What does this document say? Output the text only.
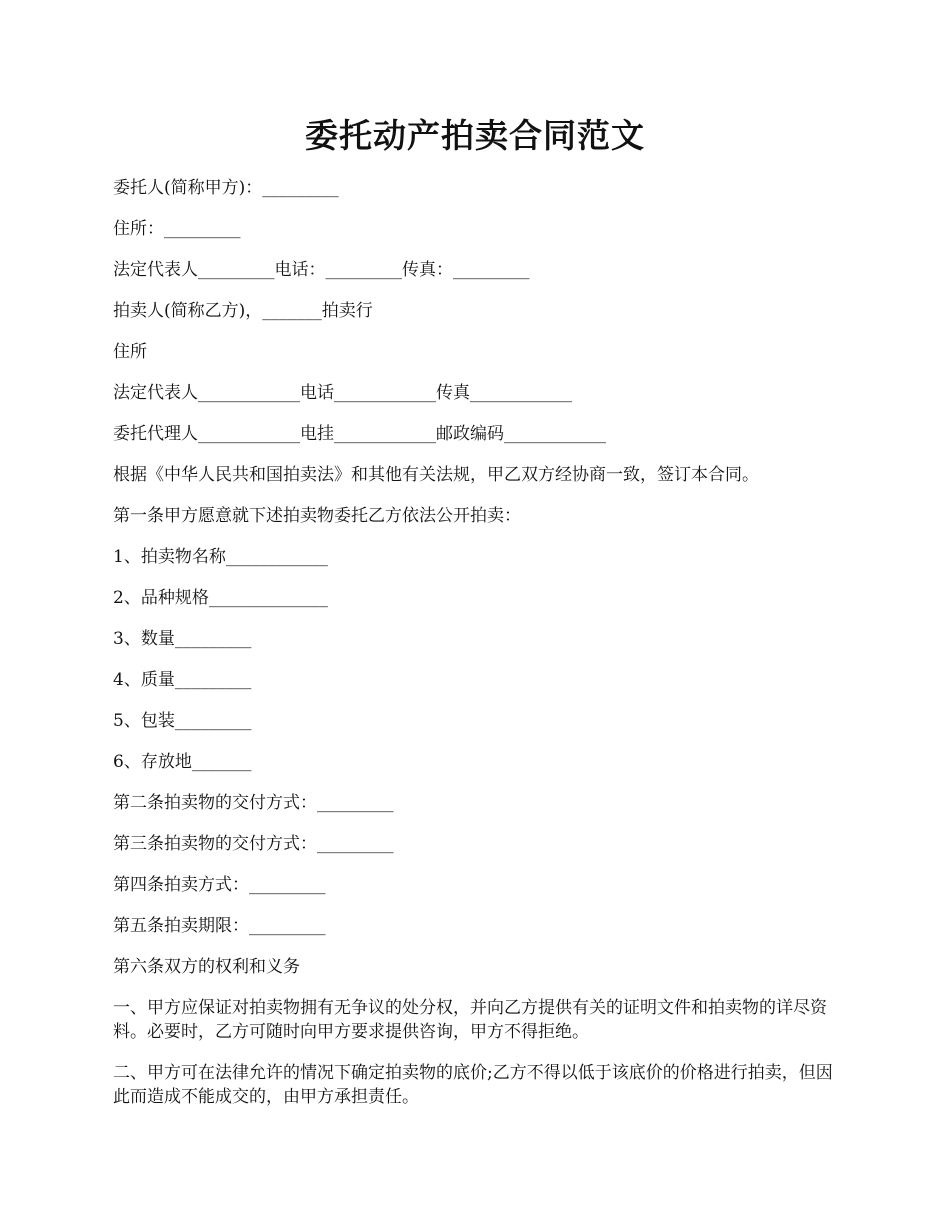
委托动产拍卖合同范文
委托人(简称甲方)：_________
住所：_________
法定代表人_________电话：_________传真：_________
拍卖人(简称乙方)，_______拍卖行
住所
法定代表人____________电话____________传真____________
委托代理人____________电挂____________邮政编码____________
根据《中华人民共和国拍卖法》和其他有关法规，甲乙双方经协商一致，签订本合同。
第一条甲方愿意就下述拍卖物委托乙方依法公开拍卖：
1、拍卖物名称____________
2、品种规格______________
3、数量_________
4、质量_________
5、包装_________
6、存放地_______
第二条拍卖物的交付方式：_________
第三条拍卖物的交付方式：_________
第四条拍卖方式：_________
第五条拍卖期限：_________
第六条双方的权利和义务
一、甲方应保证对拍卖物拥有无争议的处分权，并向乙方提供有关的证明文件和拍卖物的详尽资料。必要时，乙方可随时向甲方要求提供咨询，甲方不得拒绝。
二、甲方可在法律允许的情况下确定拍卖物的底价;乙方不得以低于该底价的价格进行拍卖，但因此而造成不能成交的，由甲方承担责任。
